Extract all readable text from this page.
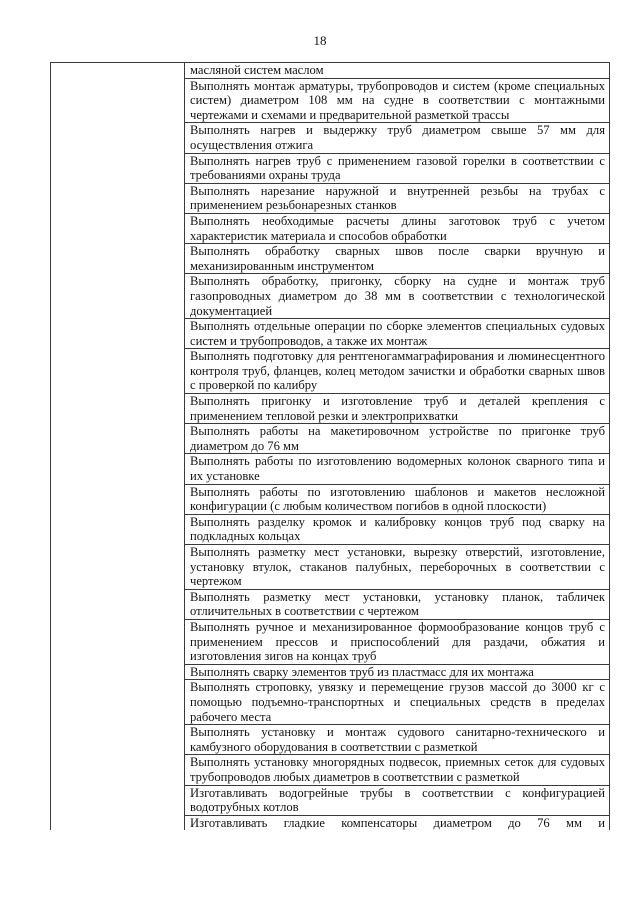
18
	масляной систем маслом
Выполнять монтаж арматуры, трубопроводов и систем (кроме специальных систем) диаметром 108 мм на судне в соответствии с монтажными чертежами и схемами и предварительной разметкой трассы
Выполнять нагрев и выдержку труб диаметром свыше 57 мм для осуществления отжига
Выполнять нагрев труб с применением газовой горелки в соответствии с требованиями охраны труда
Выполнять нарезание наружной и внутренней резьбы на трубах с применением резьбонарезных станков
Выполнять необходимые расчеты длины заготовок труб с учетом характеристик материала и способов обработки
Выполнять обработку сварных швов после сварки вручную и механизированным инструментом
Выполнять обработку, пригонку, сборку на судне и монтаж труб газопроводных диаметром до 38 мм в соответствии с технологической документацией
Выполнять отдельные операции по сборке элементов специальных судовых систем и трубопроводов, а также их монтаж
Выполнять подготовку для рентгеногаммаграфирования и люминесцентного контроля труб, фланцев, колец методом зачистки и обработки сварных швов с проверкой по калибру
Выполнять пригонку и изготовление труб и деталей крепления с применением тепловой резки и электроприхватки
Выполнять работы на макетировочном устройстве по пригонке труб диаметром до 76 мм
Выполнять работы по изготовлению водомерных колонок сварного типа и их установке
Выполнять работы по изготовлению шаблонов и макетов несложной конфигурации (с любым количеством погибов в одной плоскости)
Выполнять разделку кромок и калибровку концов труб под сварку на подкладных кольцах
Выполнять разметку мест установки, вырезку отверстий, изготовление, установку втулок, стаканов палубных, переборочных в соответствии с чертежом
Выполнять разметку мест установки, установку планок, табличек отличительных в соответствии с чертежом
Выполнять ручное и механизированное формообразование концов труб с применением прессов и приспособлений для раздачи, обжатия и изготовления зигов на концах труб
Выполнять сварку элементов труб из пластмасс для их монтажа
Выполнять строповку, увязку и перемещение грузов массой до 3000 кг с помощью подъемно-транспортных и специальных средств в пределах рабочего места
Выполнять установку и монтаж судового санитарно-технического и камбузного оборудования в соответствии с разметкой
Выполнять установку многорядных подвесок, приемных сеток для судовых трубопроводов любых диаметров в соответствии с разметкой
Изготавливать водогрейные трубы в соответствии с конфигурацией водотрубных котлов
Изготавливать гладкие компенсаторы диаметром до 76 мм и
